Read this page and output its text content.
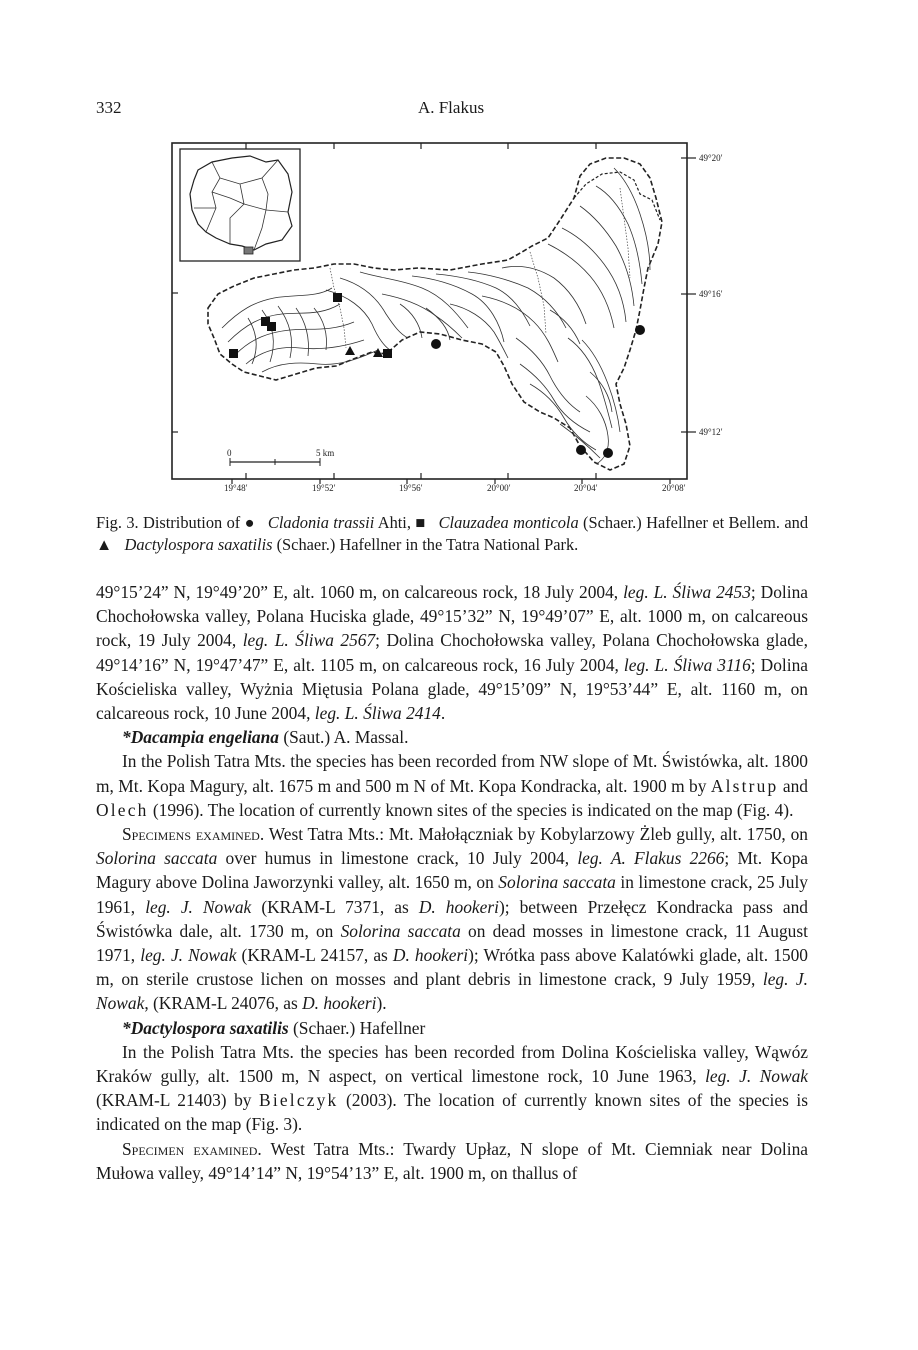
332	A. Flakus
49°20′
49°16′
49°12′
19°48′	19°52′	19°56′	20°00′	20°04′	20°08′
0	5 km
Fig. 3. Distribution of ● Cladonia trassii Ahti, ■ Clauzadea monticola (Schaer.) Hafellner et Bellem. and ▲ Dactylospora saxatilis (Schaer.) Hafellner in the Tatra National Park.

49°15’24” N, 19°49’20” E, alt. 1060 m, on calcareous rock, 18 July 2004, leg. L. Śliwa 2453; Dolina Chochołowska valley, Polana Huciska glade, 49°15’32” N, 19°49’07” E, alt. 1000 m, on calcareous rock, 19 July 2004, leg. L. Śliwa 2567; Dolina Chochołowska valley, Polana Chochołowska glade, 49°14’16” N, 19°47’47” E, alt. 1105 m, on calcareous rock, 16 July 2004, leg. L. Śliwa 3116; Dolina Kościeliska valley, Wyżnia Miętusia Polana glade, 49°15’09” N, 19°53’44” E, alt. 1160 m, on calcareous rock, 10 June 2004, leg. L. Śliwa 2414.

*Dacampia engeliana (Saut.) A. Massal.

In the Polish Tatra Mts. the species has been recorded from NW slope of Mt. Świstówka, alt. 1800 m, Mt. Kopa Magury, alt. 1675 m and 500 m N of Mt. Kopa Kondracka, alt. 1900 m by Alstrup and Olech (1996). The location of currently known sites of the species is indicated on the map (Fig. 4).

Specimens examined. West Tatra Mts.: Mt. Małołączniak by Kobylarzowy Żleb gully, alt. 1750, on Solorina saccata over humus in limestone crack, 10 July 2004, leg. A. Flakus 2266; Mt. Kopa Magury above Dolina Jaworzynki valley, alt. 1650 m, on Solorina saccata in limestone crack, 25 July 1961, leg. J. Nowak (KRAM-L 7371, as D. hookeri); between Przełęcz Kondracka pass and Świstówka dale, alt. 1730 m, on Solorina saccata on dead mosses in limestone crack, 11 August 1971, leg. J. Nowak (KRAM-L 24157, as D. hookeri); Wrótka pass above Kalatówki glade, alt. 1500 m, on sterile crustose lichen on mosses and plant debris in limestone crack, 9 July 1959, leg. J. Nowak, (KRAM-L 24076, as D. hookeri).

*Dactylospora saxatilis (Schaer.) Hafellner

In the Polish Tatra Mts. the species has been recorded from Dolina Kościeliska valley, Wąwóz Kraków gully, alt. 1500 m, N aspect, on vertical limestone rock, 10 June 1963, leg. J. Nowak (KRAM-L 21403) by Bielczyk (2003). The location of currently known sites of the species is indicated on the map (Fig. 3).

Specimen examined. West Tatra Mts.: Twardy Upłaz, N slope of Mt. Ciemniak near Dolina Mułowa valley, 49°14’14” N, 19°54’13” E, alt. 1900 m, on thallus of
